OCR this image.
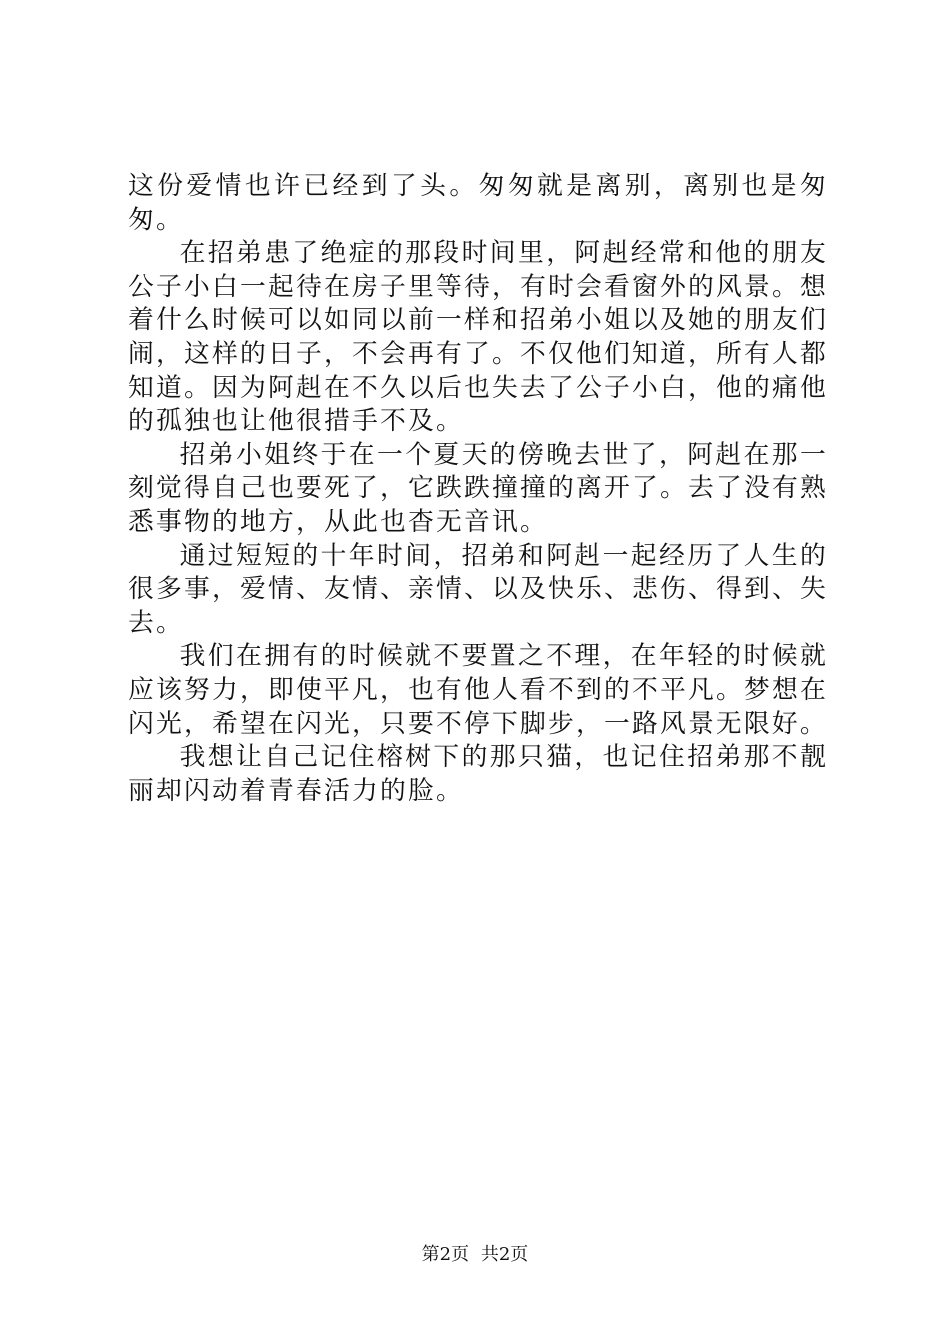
这份爱情也许已经到了头。匆匆就是离别，离别也是匆匆。

在招弟患了绝症的那段时间里，阿赳经常和他的朋友公子小白一起待在房子里等待，有时会看窗外的风景。想着什么时候可以如同以前一样和招弟小姐以及她的朋友们闹，这样的日子，不会再有了。不仅他们知道，所有人都知道。因为阿赳在不久以后也失去了公子小白，他的痛他的孤独也让他很措手不及。

招弟小姐终于在一个夏天的傍晚去世了，阿赳在那一刻觉得自己也要死了，它跌跌撞撞的离开了。去了没有熟悉事物的地方，从此也杳无音讯。

通过短短的十年时间，招弟和阿赳一起经历了人生的很多事，爱情、友情、亲情、以及快乐、悲伤、得到、失去。

我们在拥有的时候就不要置之不理，在年轻的时候就应该努力，即使平凡，也有他人看不到的不平凡。梦想在闪光，希望在闪光，只要不停下脚步，一路风景无限好。

我想让自己记住榕树下的那只猫，也记住招弟那不靓丽却闪动着青春活力的脸。

第2页 共2页
